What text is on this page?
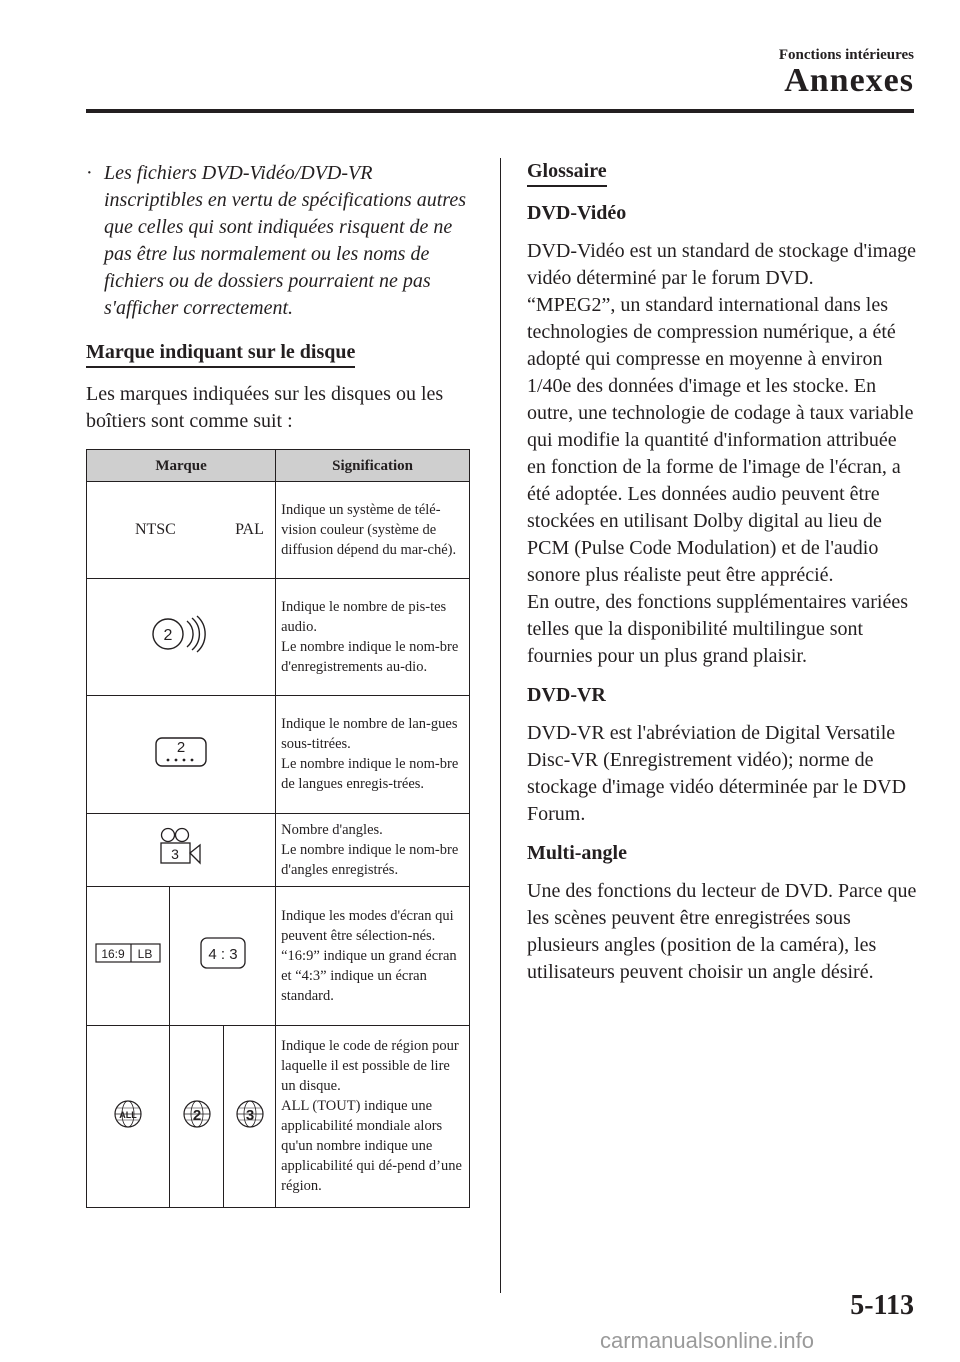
Fonctions intérieures
Annexes
· Les fichiers DVD-Vidéo/DVD-VR inscriptibles en vertu de spécifications autres que celles qui sont indiquées risquent de ne pas être lus normalement ou les noms de fichiers ou de dossiers pourraient ne pas s'afficher correctement.
Marque indiquant sur le disque
Les marques indiquées sur les disques ou les boîtiers sont comme suit :
Marque			Signification
NTSC		PAL	Indique un système de télé-vision couleur (système de diffusion dépend du mar-ché).

2			Indique le nombre de pis-tes audio.
Le nombre indique le nom-bre d'enregistrements au-dio.

2			Indique le nombre de lan-gues sous-titrées.
Le nombre indique le nom-bre de langues enregis-trées.

3			Nombre d'angles.
Le nombre indique le nom-bre d'angles enregistrés.

16:9 LB	4 : 3		Indique les modes d'écran qui peuvent être sélection-nés.
“16:9” indique un grand écran et “4:3” indique un écran standard.

ALL	2	3	Indique le code de région pour laquelle il est possible de lire un disque.
ALL (TOUT) indique une applicabilité mondiale alors qu'un nombre indique une applicabilité qui dé-pend d’une région.
Glossaire
DVD-Vidéo
DVD-Vidéo est un standard de stockage d'image vidéo déterminé par le forum DVD.
“MPEG2”, un standard international dans les technologies de compression numérique, a été adopté qui compresse en moyenne à environ 1/40e des données d'image et les stocke. En outre, une technologie de codage à taux variable qui modifie la quantité d'information attribuée en fonction de la forme de l'image de l'écran, a été adoptée. Les données audio peuvent être stockées en utilisant Dolby digital au lieu de PCM (Pulse Code Modulation) et de l'audio sonore plus réaliste peut être apprécié.
En outre, des fonctions supplémentaires variées telles que la disponibilité multilingue sont fournies pour un plus grand plaisir.
DVD-VR
DVD-VR est l'abréviation de Digital Versatile Disc-VR (Enregistrement vidéo); norme de stockage d'image vidéo déterminée par le DVD Forum.
Multi-angle
Une des fonctions du lecteur de DVD. Parce que les scènes peuvent être enregistrées sous plusieurs angles (position de la caméra), les utilisateurs peuvent choisir un angle désiré.
5-113
carmanualsonline.info
